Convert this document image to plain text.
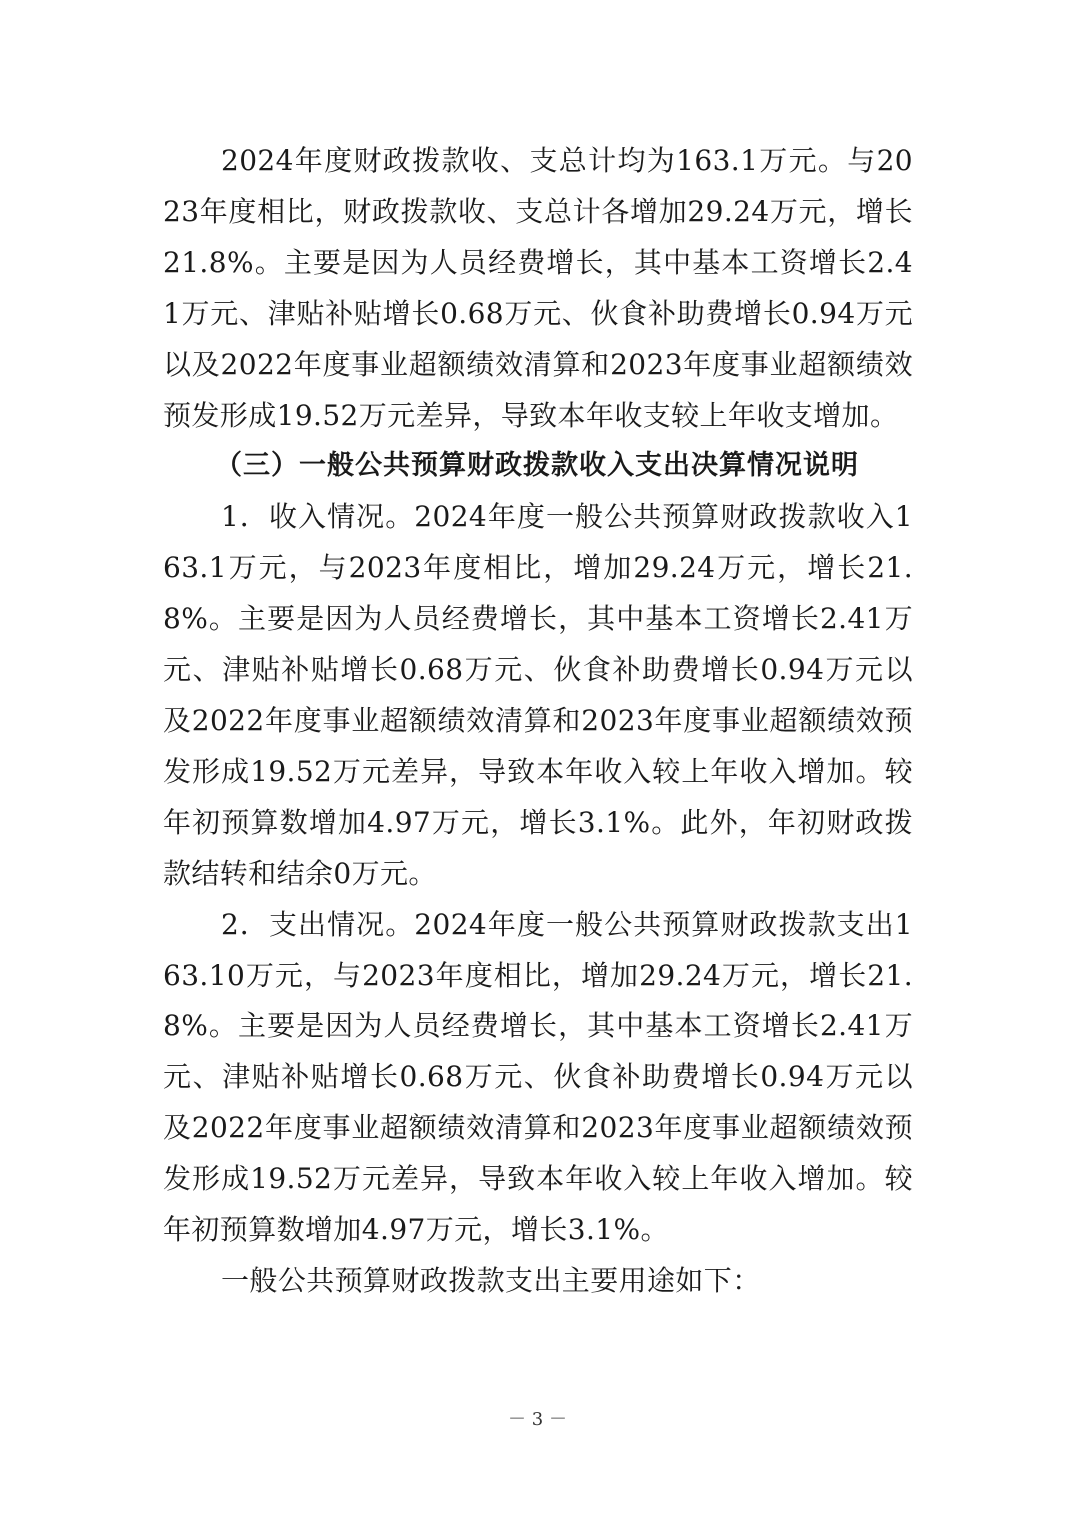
2024年度财政拨款收、支总计均为163.1万元。与2023年度相比，财政拨款收、支总计各增加29.24万元，增长21.8%。主要是因为人员经费增长，其中基本工资增长2.41万元、津贴补贴增长0.68万元、伙食补助费增长0.94万元以及2022年度事业超额绩效清算和2023年度事业超额绩效预发形成19.52万元差异，导致本年收支较上年收支增加。

（三）一般公共预算财政拨款收入支出决算情况说明

1．收入情况。2024年度一般公共预算财政拨款收入163.1万元，与2023年度相比，增加29.24万元，增长21.8%。主要是因为人员经费增长，其中基本工资增长2.41万元、津贴补贴增长0.68万元、伙食补助费增长0.94万元以及2022年度事业超额绩效清算和2023年度事业超额绩效预发形成19.52万元差异，导致本年收入较上年收入增加。较年初预算数增加4.97万元，增长3.1%。此外，年初财政拨款结转和结余0万元。

2．支出情况。2024年度一般公共预算财政拨款支出163.10万元，与2023年度相比，增加29.24万元，增长21.8%。主要是因为人员经费增长，其中基本工资增长2.41万元、津贴补贴增长0.68万元、伙食补助费增长0.94万元以及2022年度事业超额绩效清算和2023年度事业超额绩效预发形成19.52万元差异，导致本年收入较上年收入增加。较年初预算数增加4.97万元，增长3.1%。

一般公共预算财政拨款支出主要用途如下：

－ 3 －
